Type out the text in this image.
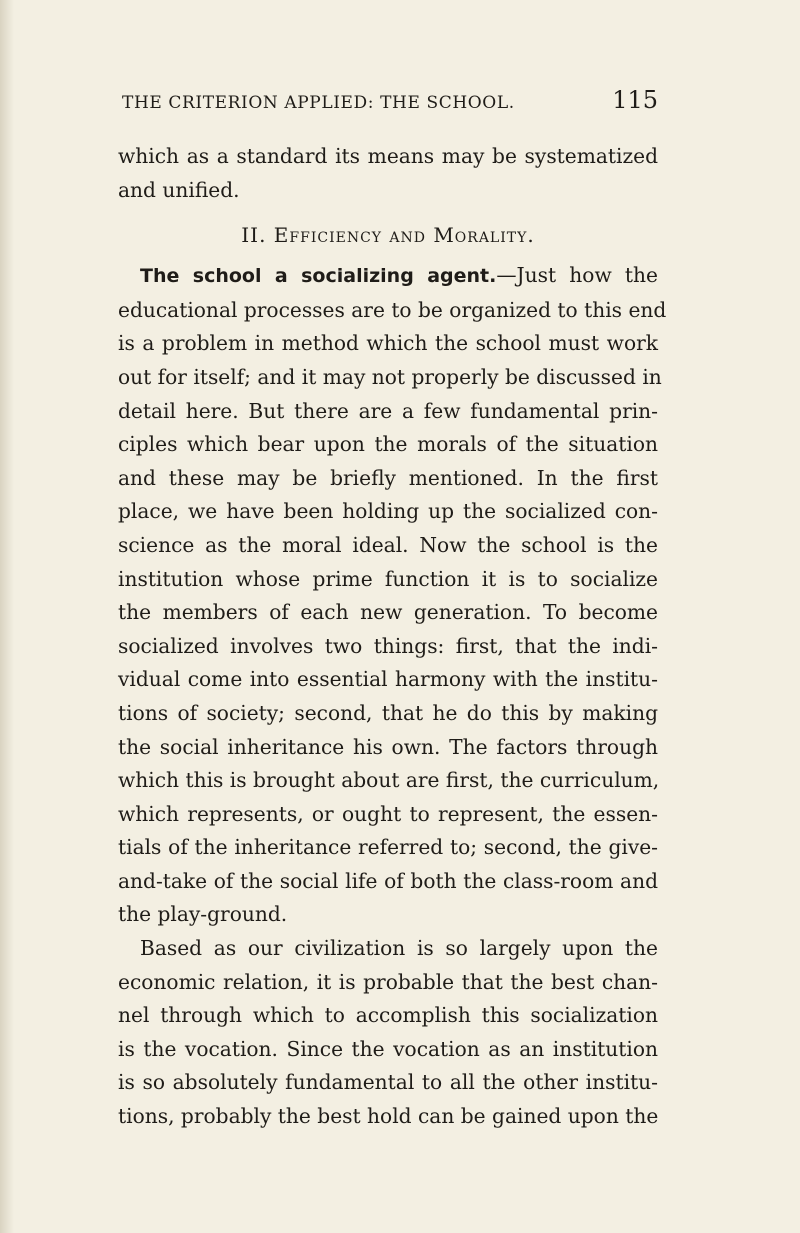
THE CRITERION APPLIED: THE SCHOOL.	115

which as a standard its means may be systematized
and unified.

II. Efficiency and Morality.

The school a socializing agent.—Just how the
educational processes are to be organized to this end
is a problem in method which the school must work
out for itself; and it may not properly be discussed in
detail here. But there are a few fundamental prin-
ciples which bear upon the morals of the situation
and these may be briefly mentioned. In the first
place, we have been holding up the socialized con-
science as the moral ideal. Now the school is the
institution whose prime function it is to socialize
the members of each new generation. To become
socialized involves two things: first, that the indi-
vidual come into essential harmony with the institu-
tions of society; second, that he do this by making
the social inheritance his own. The factors through
which this is brought about are first, the curriculum,
which represents, or ought to represent, the essen-
tials of the inheritance referred to; second, the give-
and-take of the social life of both the class-room and
the play-ground.

Based as our civilization is so largely upon the
economic relation, it is probable that the best chan-
nel through which to accomplish this socialization
is the vocation. Since the vocation as an institution
is so absolutely fundamental to all the other institu-
tions, probably the best hold can be gained upon the
